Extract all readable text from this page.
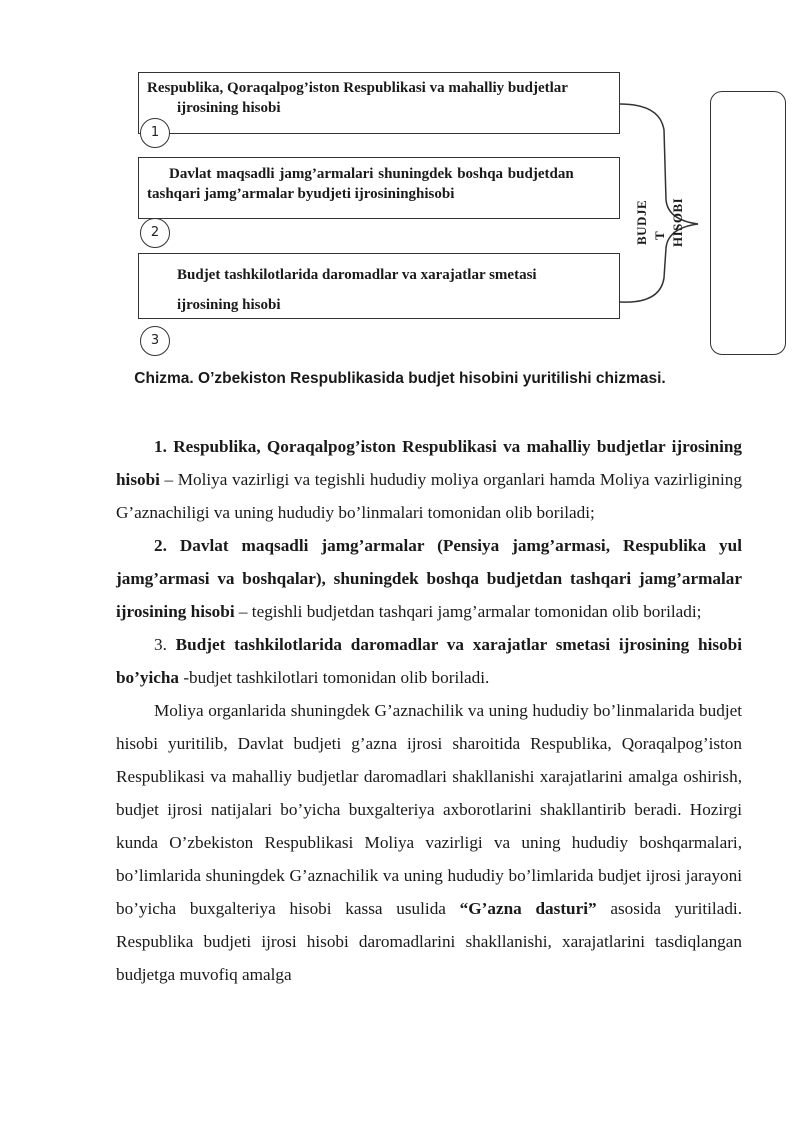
Respublika, Qoraqalpog’iston Respublikasi va mahalliy budjetlar
ijrosining hisobi
1
Davlat maqsadli jamg’armalari shuningdek boshqa budjetdan
tashqari jamg’armalar byudjeti ijrosininghisobi
2
Budjet tashkilotlarida daromadlar va xarajatlar smetasi
ijrosining hisobi
3
BUDJE T HISOBI
Chizma. O’zbekiston Respublikasida budjet hisobini yuritilishi chizmasi.

1. Respublika, Qoraqalpog’iston Respublikasi va mahalliy budjetlar ijrosining hisobi – Moliya vazirligi va tegishli hududiy moliya organlari hamda Moliya vazirligining G’aznachiligi va uning hududiy bo’linmalari tomonidan olib boriladi;

2. Davlat maqsadli jamg’armalar (Pensiya jamg’armasi, Respublika yul jamg’armasi va boshqalar), shuningdek boshqa budjetdan tashqari jamg’armalar ijrosining hisobi – tegishli budjetdan tashqari jamg’armalar tomonidan olib boriladi;

3. Budjet tashkilotlarida daromadlar va xarajatlar smetasi ijrosining hisobi bo’yicha -budjet tashkilotlari tomonidan olib boriladi.

Moliya organlarida shuningdek G’aznachilik va uning hududiy bo’linmalarida budjet hisobi yuritilib, Davlat budjeti g’azna ijrosi sharoitida Respublika, Qoraqalpog’iston Respublikasi va mahalliy budjetlar daromadlari shakllanishi xarajatlarini amalga oshirish, budjet ijrosi natijalari bo’yicha buxgalteriya axborotlarini shakllantirib beradi. Hozirgi kunda O’zbekiston Respublikasi Moliya vazirligi va uning hududiy boshqarmalari, bo’limlarida shuningdek G’aznachilik va uning hududiy bo’limlarida budjet ijrosi jarayoni bo’yicha buxgalteriya hisobi kassa usulida “G’azna dasturi” asosida yuritiladi. Respublika budjeti ijrosi hisobi daromadlarini shakllanishi, xarajatlarini tasdiqlangan budjetga muvofiq amalga
